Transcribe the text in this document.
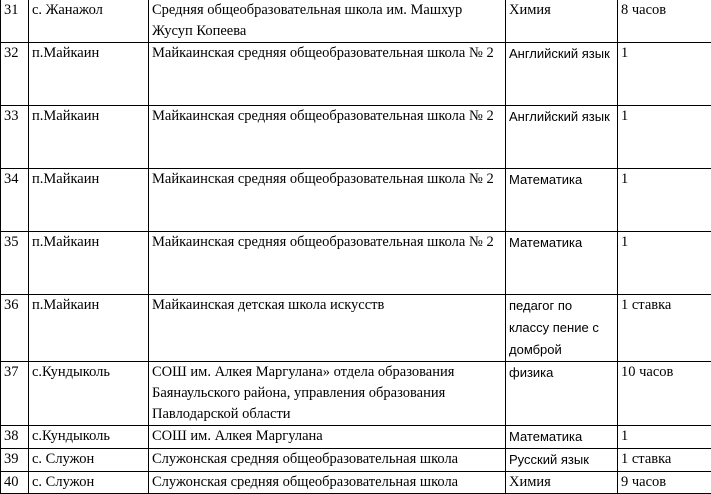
31	с. Жанажол	Средняя общеобразовательная школа им. Машхур Жусуп Копеева	Химия	8 часов
32	п.Майкаин	Майкаинская средняя общеобразовательная школа № 2	Английский язык	1
33	п.Майкаин	Майкаинская средняя общеобразовательная школа № 2	Английский язык	1
34	п.Майкаин	Майкаинская средняя общеобразовательная школа № 2	Математика	1
35	п.Майкаин	Майкаинская средняя общеобразовательная школа № 2	Математика	1
36	п.Майкаин	Майкаинская детская школа искусств	педагог по классу пение с домброй	1 ставка
37	с.Кундыколь	СОШ им. Алкея Маргулана» отдела образования Баянаульского района, управления образования Павлодарской области	физика	10 часов
38	с.Кундыколь	СОШ им. Алкея Маргулана	Математика	1
39	с. Служон	Служонская средняя общеобразовательная школа	Русский язык	1 ставка
40	с. Служон	Служонская средняя общеобразовательная школа	Химия	9 часов
